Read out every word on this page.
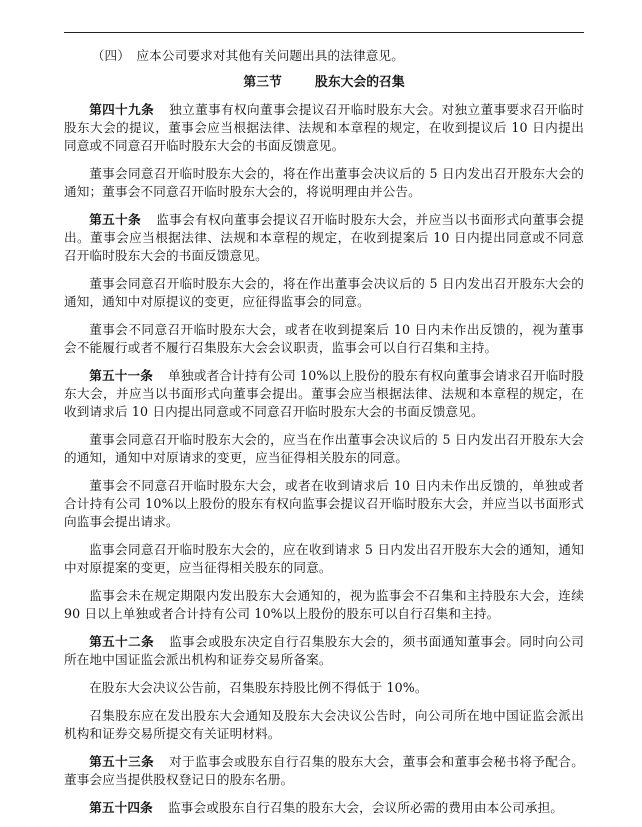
（四）　应本公司要求对其他有关问题出具的法律意见。

第三节	股东大会的召集

第四十九条 独立董事有权向董事会提议召开临时股东大会。对独立董事要求召开临时股东大会的提议，董事会应当根据法律、法规和本章程的规定，在收到提议后 10 日内提出同意或不同意召开临时股东大会的书面反馈意见。

董事会同意召开临时股东大会的，将在作出董事会决议后的 5 日内发出召开股东大会的通知；董事会不同意召开临时股东大会的，将说明理由并公告。

第五十条 监事会有权向董事会提议召开临时股东大会，并应当以书面形式向董事会提出。董事会应当根据法律、法规和本章程的规定，在收到提案后 10 日内提出同意或不同意召开临时股东大会的书面反馈意见。

董事会同意召开临时股东大会的，将在作出董事会决议后的 5 日内发出召开股东大会的通知，通知中对原提议的变更，应征得监事会的同意。

董事会不同意召开临时股东大会，或者在收到提案后 10 日内未作出反馈的，视为董事会不能履行或者不履行召集股东大会会议职责，监事会可以自行召集和主持。

第五十一条 单独或者合计持有公司 10%以上股份的股东有权向董事会请求召开临时股东大会，并应当以书面形式向董事会提出。董事会应当根据法律、法规和本章程的规定，在收到请求后 10 日内提出同意或不同意召开临时股东大会的书面反馈意见。

董事会同意召开临时股东大会的，应当在作出董事会决议后的 5 日内发出召开股东大会的通知，通知中对原请求的变更，应当征得相关股东的同意。

董事会不同意召开临时股东大会，或者在收到请求后 10 日内未作出反馈的，单独或者合计持有公司 10%以上股份的股东有权向监事会提议召开临时股东大会，并应当以书面形式向监事会提出请求。

监事会同意召开临时股东大会的，应在收到请求 5 日内发出召开股东大会的通知，通知中对原提案的变更，应当征得相关股东的同意。

监事会未在规定期限内发出股东大会通知的，视为监事会不召集和主持股东大会，连续 90 日以上单独或者合计持有公司 10%以上股份的股东可以自行召集和主持。

第五十二条 监事会或股东决定自行召集股东大会的，须书面通知董事会。同时向公司所在地中国证监会派出机构和证券交易所备案。

在股东大会决议公告前，召集股东持股比例不得低于 10%。

召集股东应在发出股东大会通知及股东大会决议公告时，向公司所在地中国证监会派出机构和证券交易所提交有关证明材料。

第五十三条 对于监事会或股东自行召集的股东大会，董事会和董事会秘书将予配合。董事会应当提供股权登记日的股东名册。

第五十四条 监事会或股东自行召集的股东大会，会议所必需的费用由本公司承担。
